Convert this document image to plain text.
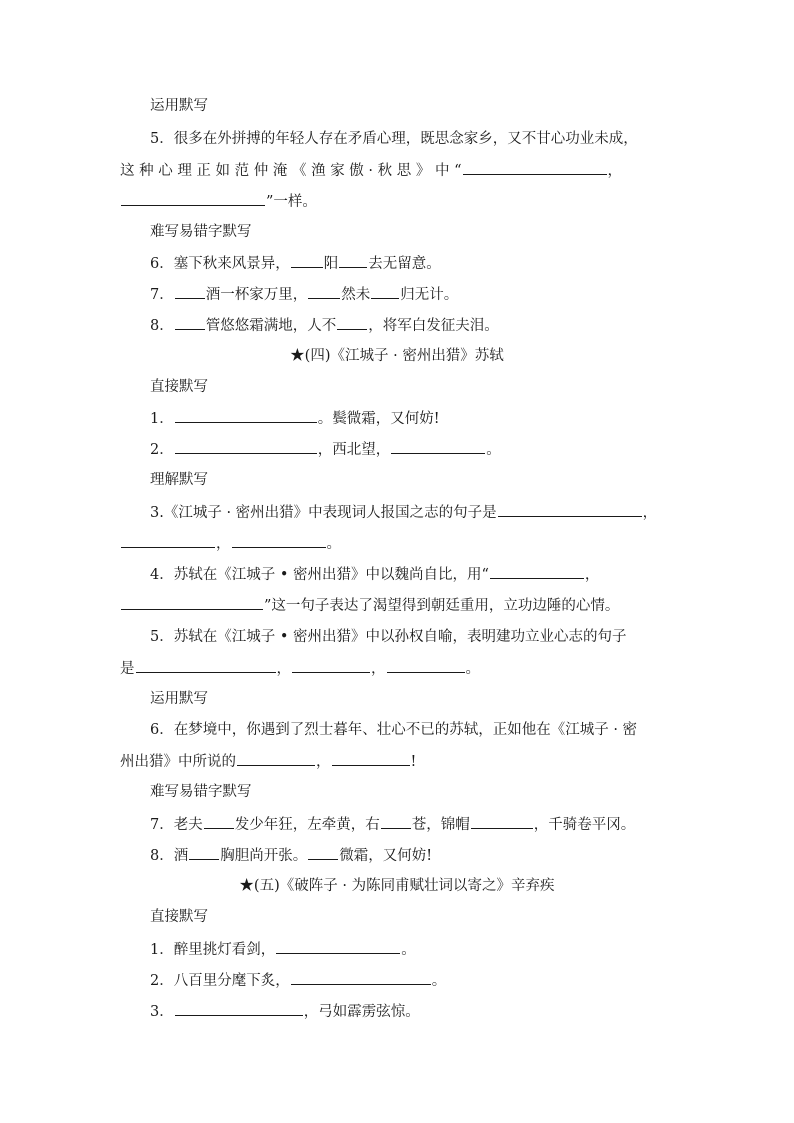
运用默写
5．很多在外拼搏的年轻人存在矛盾心理，既思念家乡，又不甘心功业未成，
这 种 心 理 正 如 范 仲 淹 《 渔 家 傲 · 秋 思 》 中 “	，
”一样。
难写易错字默写
6．塞下秋来风景异， 阳 去无留意。
7． 酒一杯家万里， 然未 归无计。
8． 管悠悠霜满地，人不 ，将军白发征夫泪。
★(四)《江城子 · 密州出猎》苏轼
直接默写
1．	。鬓微霜，又何妨!
2．	，西北望，	。
理解默写
3.《江城子 · 密州出猎》中表现词人报国之志的句子是	，
，	。
4．苏轼在《江城子 • 密州出猎》中以魏尚自比，用“	，
”这一句子表达了渴望得到朝廷重用，立功边陲的心情。
5．苏轼在《江城子 • 密州出猎》中以孙权自喻，表明建功立业心志的句子
是	，	，	。
运用默写
6．在梦境中，你遇到了烈士暮年、壮心不已的苏轼，正如他在《江城子 · 密
州出猎》中所说的	，	!
难写易错字默写
7．老夫 发少年狂，左牵黄，右 苍，锦帽	，千骑卷平冈。
8．酒 胸胆尚开张。 微霜，又何妨!
★(五)《破阵子 · 为陈同甫赋壮词以寄之》辛弃疾
直接默写
1．醉里挑灯看剑，	。
2．八百里分麾下炙，	。
3．	，弓如霹雳弦惊。
